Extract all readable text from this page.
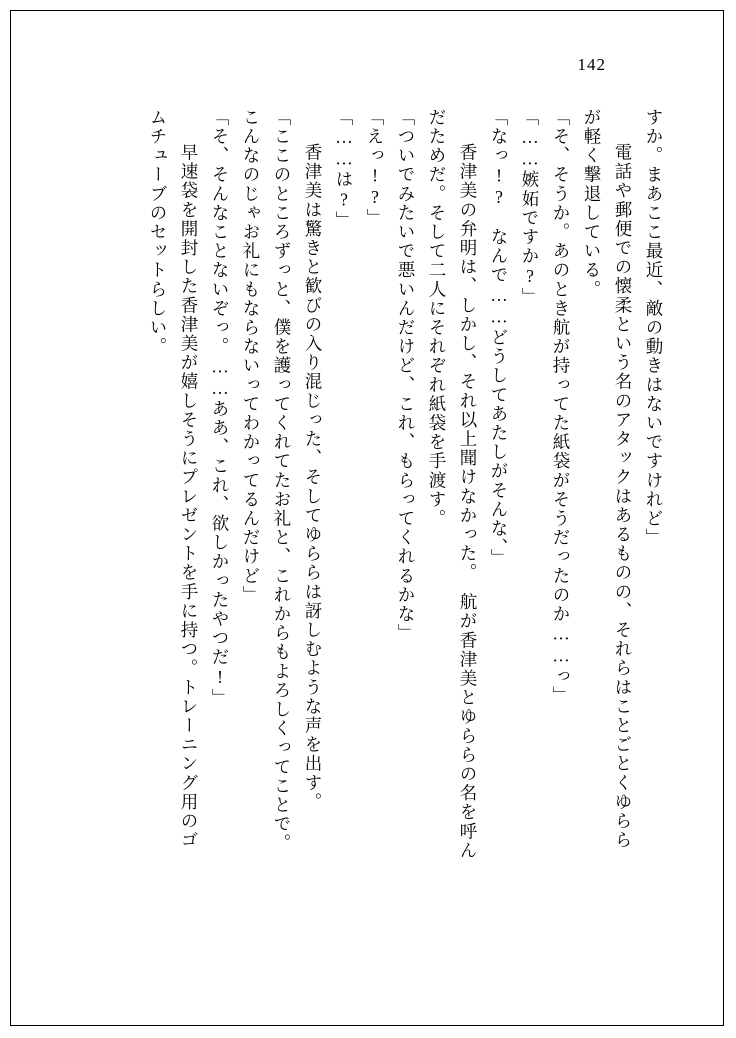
142
すか。まあここ最近、敵の動きはないですけれど」
　電話や郵便での懐柔という名のアタックはあるものの、それらはことごとくゆらら
が軽く撃退している。
「そ、そうか。あのとき航が持ってた紙袋がそうだったのか……っ」
「……嫉妬ですか?」
「なっ!?　なんで……どうしてあたしがそんな、」
　香津美の弁明は、しかし、それ以上聞けなかった。　航が香津美とゆららの名を呼ん
だためだ。そして二人にそれぞれ紙袋を手渡す。
「ついでみたいで悪いんだけど、これ、もらってくれるかな」
「えっ!?」
「……は?」
　香津美は驚きと歓びの入り混じった、そしてゆららは訝しむような声を出す。
「ここのところずっと、僕を護ってくれてたお礼と、これからもよろしくってことで。
こんなのじゃお礼にもならないってわかってるんだけど」
「そ、そんなことないぞっ。……ああ、これ、欲しかったやつだ!」
　早速袋を開封した香津美が嬉しそうにプレゼントを手に持つ。トレーニング用のゴ
ムチューブのセットらしい。
